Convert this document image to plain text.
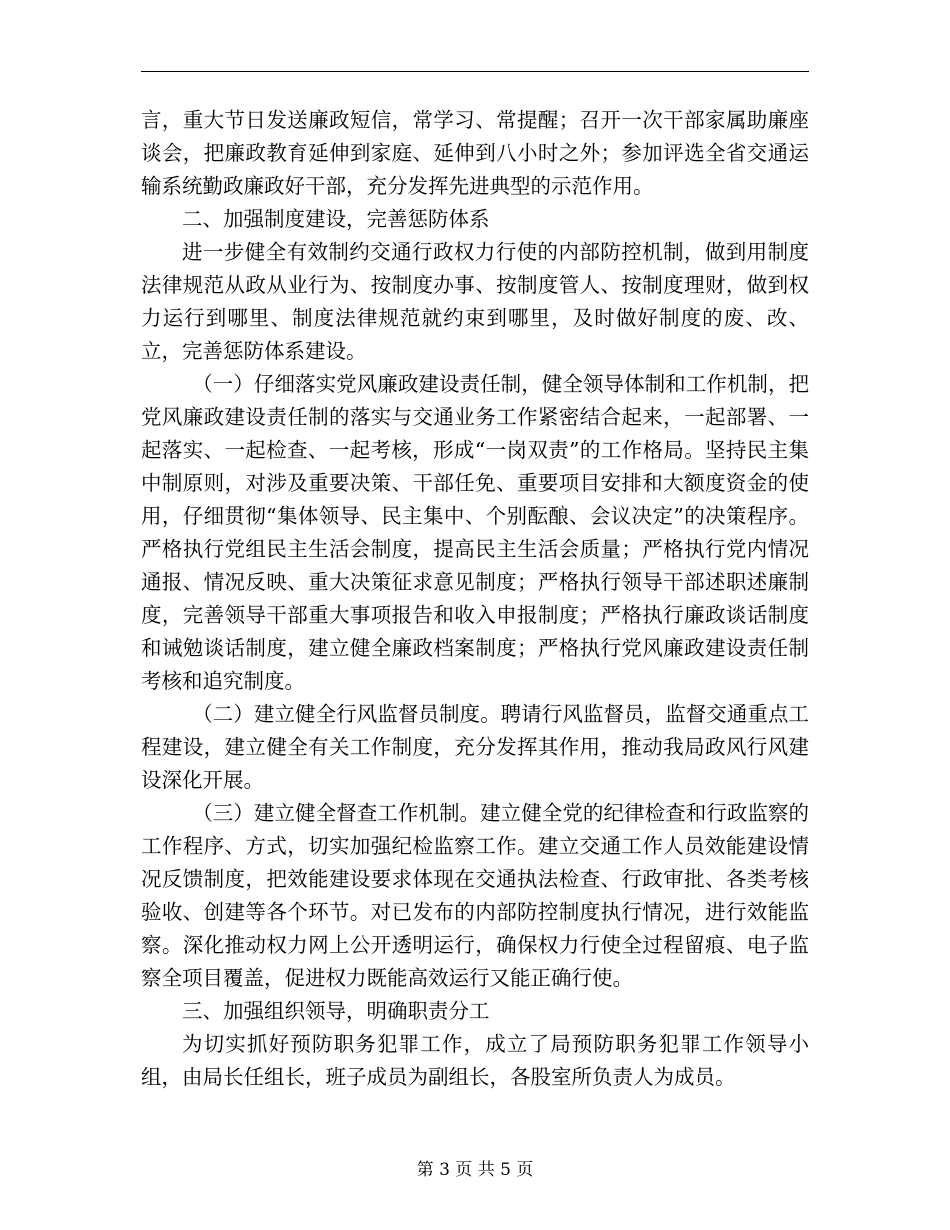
言，重大节日发送廉政短信，常学习、常提醒；召开一次干部家属助廉座谈会，把廉政教育延伸到家庭、延伸到八小时之外；参加评选全省交通运输系统勤政廉政好干部，充分发挥先进典型的示范作用。

二、加强制度建设，完善惩防体系

进一步健全有效制约交通行政权力行使的内部防控机制，做到用制度法律规范从政从业行为、按制度办事、按制度管人、按制度理财，做到权力运行到哪里、制度法律规范就约束到哪里，及时做好制度的废、改、立，完善惩防体系建设。

（一）仔细落实党风廉政建设责任制，健全领导体制和工作机制，把党风廉政建设责任制的落实与交通业务工作紧密结合起来，一起部署、一起落实、一起检查、一起考核，形成“一岗双责”的工作格局。坚持民主集中制原则，对涉及重要决策、干部任免、重要项目安排和大额度资金的使用，仔细贯彻“集体领导、民主集中、个别酝酿、会议决定”的决策程序。严格执行党组民主生活会制度，提高民主生活会质量；严格执行党内情况通报、情况反映、重大决策征求意见制度；严格执行领导干部述职述廉制度，完善领导干部重大事项报告和收入申报制度；严格执行廉政谈话制度和诫勉谈话制度，建立健全廉政档案制度；严格执行党风廉政建设责任制考核和追究制度。

（二）建立健全行风监督员制度。聘请行风监督员，监督交通重点工程建设，建立健全有关工作制度，充分发挥其作用，推动我局政风行风建设深化开展。

（三）建立健全督查工作机制。建立健全党的纪律检查和行政监察的工作程序、方式，切实加强纪检监察工作。建立交通工作人员效能建设情况反馈制度，把效能建设要求体现在交通执法检查、行政审批、各类考核验收、创建等各个环节。对已发布的内部防控制度执行情况，进行效能监察。深化推动权力网上公开透明运行，确保权力行使全过程留痕、电子监察全项目覆盖，促进权力既能高效运行又能正确行使。

三、加强组织领导，明确职责分工

为切实抓好预防职务犯罪工作，成立了局预防职务犯罪工作领导小组，由局长任组长，班子成员为副组长，各股室所负责人为成员。

第 3 页 共 5 页
